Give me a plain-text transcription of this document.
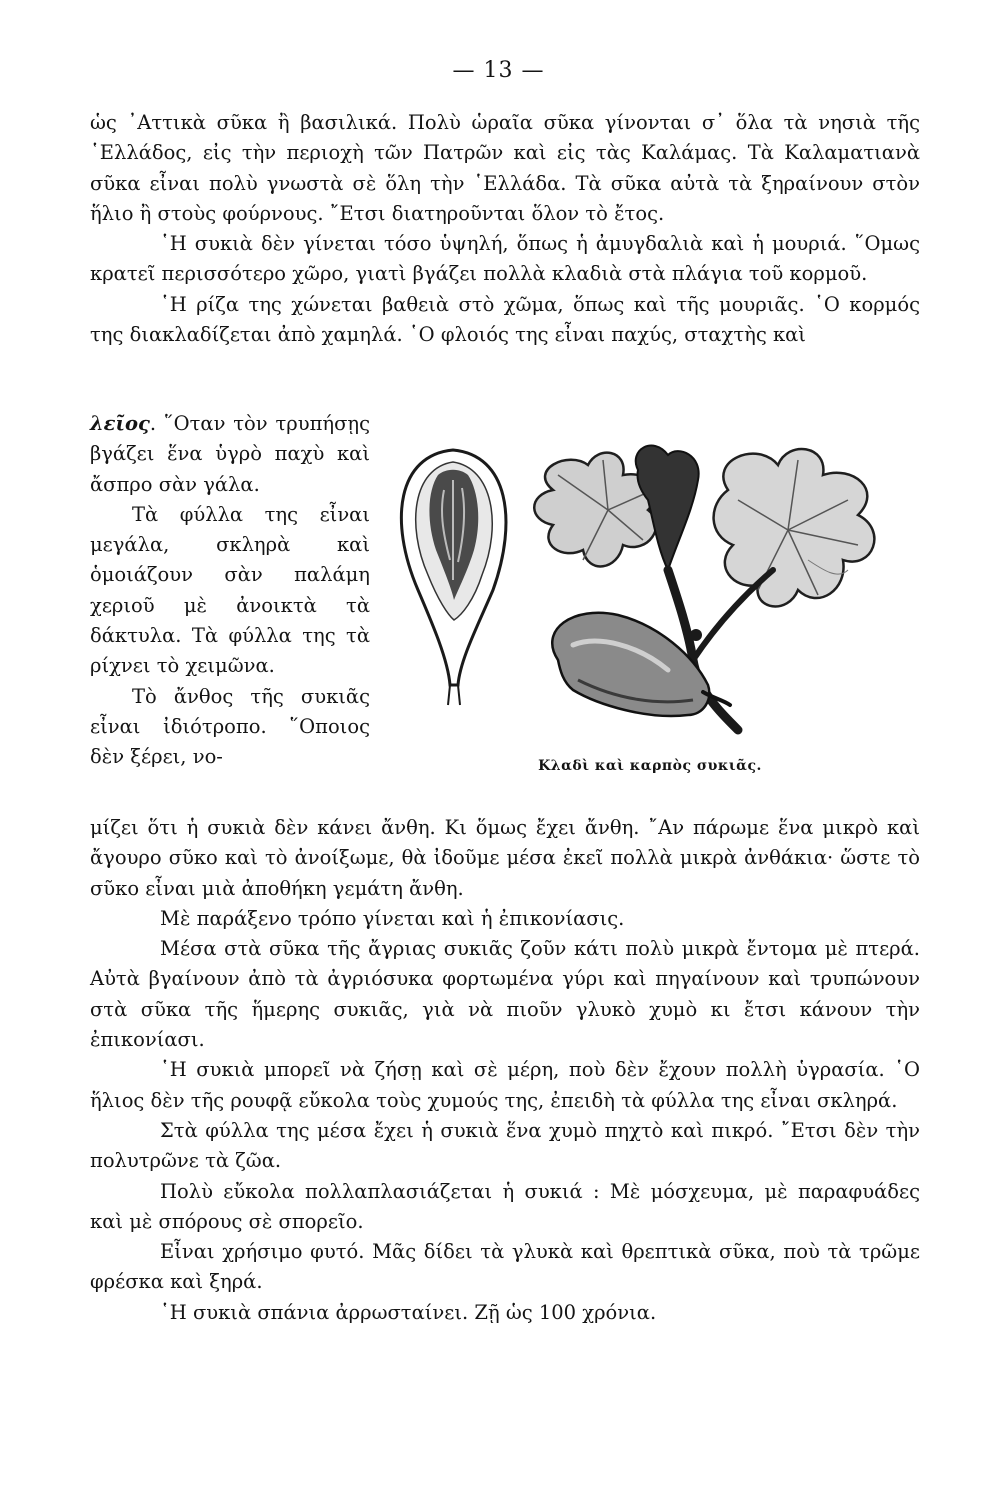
— 13 —

ὡς ᾿Αττικὰ σῦκα ἢ βασιλικά. Πολὺ ὡραῖα σῦκα γίνονται σ᾿ ὅλα τὰ νησιὰ τῆς ῾Ελλάδος, εἰς τὴν περιοχὴ τῶν Πατρῶν καὶ εἰς τὰς Καλάμας. Τὰ Καλαματιανὰ σῦκα εἶναι πολὺ γνωστὰ σὲ ὅλη τὴν ῾Ελλάδα. Τὰ σῦκα αὐτὰ τὰ ξηραίνουν στὸν ἥλιο ἢ στοὺς φούρνους. ῎Ετσι διατηροῦνται ὅλον τὸ ἔτος.

῾Η συκιὰ δὲν γίνεται τόσο ὑψηλή, ὅπως ἡ ἀμυγδαλιὰ καὶ ἡ μουριά. ῞Ομως κρατεῖ περισσότερο χῶρο, γιατὶ βγάζει πολλὰ κλαδιὰ στὰ πλάγια τοῦ κορμοῦ.

῾Η ρίζα της χώνεται βαθειὰ στὸ χῶμα, ὅπως καὶ τῆς μουριᾶς. ῾Ο κορμός της διακλαδίζεται ἀπὸ χαμηλά. ῾Ο φλοιός της εἶναι παχύς, σταχτὴς καὶ

λεῖος. ῞Οταν τὸν τρυπήσῃς βγάζει ἕνα ὑγρὸ παχὺ καὶ ἄσπρο σὰν γάλα.

Τὰ φύλλα της εἶναι μεγάλα, σκληρὰ καὶ ὁμοιάζουν σὰν παλάμη χεριοῦ μὲ ἀνοικτὰ τὰ δάκτυλα. Τὰ φύλλα της τὰ ρίχνει τὸ χειμῶνα.

Τὸ ἄνθος τῆς συκιᾶς εἶναι ἰδιότροπο. ῞Οποιος δὲν ξέρει, νο-	Κλαδὶ καὶ καρπὸς συκιᾶς.

μίζει ὅτι ἡ συκιὰ δὲν κάνει ἄνθη. Κι ὅμως ἔχει ἄνθη. ῎Αν πάρωμε ἕνα μικρὸ καὶ ἄγουρο σῦκο καὶ τὸ ἀνοίξωμε, θὰ ἰδοῦμε μέσα ἐκεῖ πολλὰ μικρὰ ἀνθάκια· ὥστε τὸ σῦκο εἶναι μιὰ ἀποθήκη γεμάτη ἄνθη.

Μὲ παράξενο τρόπο γίνεται καὶ ἡ ἐπικονίασις.

Μέσα στὰ σῦκα τῆς ἄγριας συκιᾶς ζοῦν κάτι πολὺ μικρὰ ἔντομα μὲ πτερά. Αὐτὰ βγαίνουν ἀπὸ τὰ ἀγριόσυκα φορτωμένα γύρι καὶ πηγαίνουν καὶ τρυπώνουν στὰ σῦκα τῆς ἥμερης συκιᾶς, γιὰ νὰ πιοῦν γλυκὸ χυμὸ κι ἔτσι κάνουν τὴν ἐπικονίασι.

῾Η συκιὰ μπορεῖ νὰ ζήσῃ καὶ σὲ μέρη, ποὺ δὲν ἔχουν πολλὴ ὑγρασία. ῾Ο ἥλιος δὲν τῆς ρουφᾷ εὔκολα τοὺς χυμούς της, ἐπειδὴ τὰ φύλλα της εἶναι σκληρά.

Στὰ φύλλα της μέσα ἔχει ἡ συκιὰ ἕνα χυμὸ πηχτὸ καὶ πικρό. ῎Ετσι δὲν τὴν πολυτρῶνε τὰ ζῶα.

Πολὺ εὔκολα πολλαπλασιάζεται ἡ συκιά : Μὲ μόσχευμα, μὲ παραφυάδες καὶ μὲ σπόρους σὲ σπορεῖο.

Εἶναι χρήσιμο φυτό. Μᾶς δίδει τὰ γλυκὰ καὶ θρεπτικὰ σῦκα, ποὺ τὰ τρῶμε φρέσκα καὶ ξηρά.

῾Η συκιὰ σπάνια ἀρρωσταίνει. Ζῇ ὡς 100 χρόνια.
